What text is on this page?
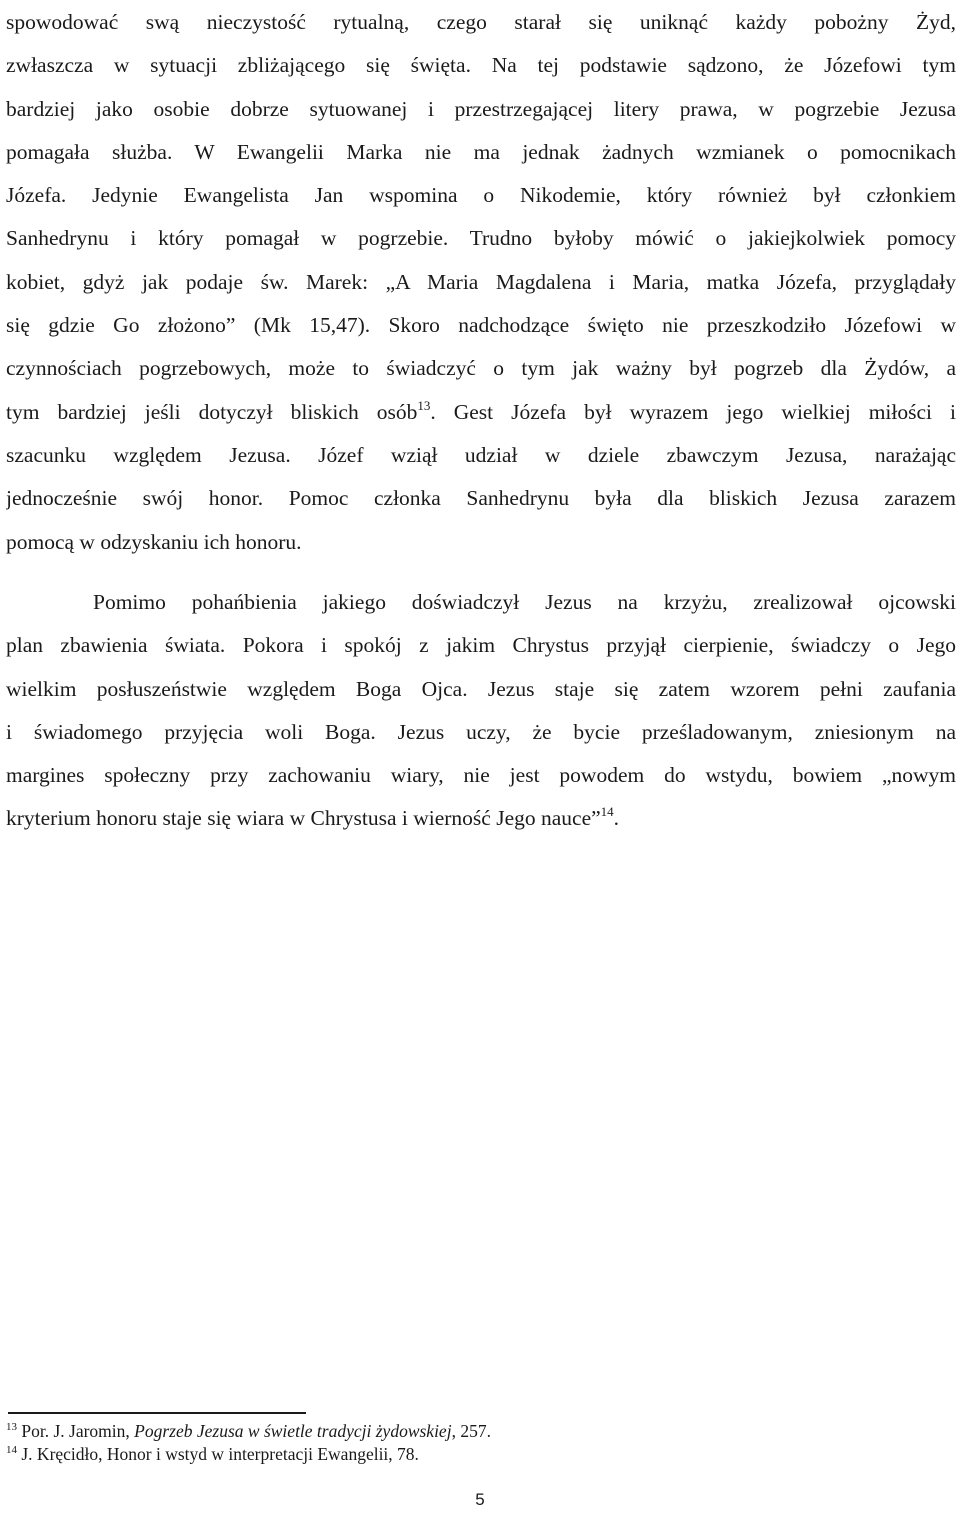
spowodować swą nieczystość rytualną, czego starał się uniknąć każdy pobożny Żyd,
zwłaszcza w sytuacji zbliżającego się święta. Na tej podstawie sądzono, że Józefowi tym
bardziej jako osobie dobrze sytuowanej i przestrzegającej litery prawa, w pogrzebie Jezusa
pomagała służba. W Ewangelii Marka nie ma jednak żadnych wzmianek o pomocnikach
Józefa. Jedynie Ewangelista Jan wspomina o Nikodemie, który również był członkiem
Sanhedrynu i który pomagał w pogrzebie. Trudno byłoby mówić o jakiejkolwiek pomocy
kobiet, gdyż jak podaje św. Marek: „A Maria Magdalena i Maria, matka Józefa, przyglądały
się gdzie Go złożono” (Mk 15,47). Skoro nadchodzące święto nie przeszkodziło Józefowi w
czynnościach pogrzebowych, może to świadczyć o tym jak ważny był pogrzeb dla Żydów, a
tym bardziej jeśli dotyczył bliskich osób$^{13}$. Gest Józefa był wyrazem jego wielkiej miłości i
szacunku względem Jezusa. Józef wziął udział w dziele zbawczym Jezusa, narażając
jednocześnie swój honor. Pomoc członka Sanhedrynu była dla bliskich Jezusa zarazem
pomocą w odzyskaniu ich honoru.
Pomimo pohańbienia jakiego doświadczył Jezus na krzyżu, zrealizował ojcowski
plan zbawienia świata. Pokora i spokój z jakim Chrystus przyjął cierpienie, świadczy o Jego
wielkim posłuszeństwie względem Boga Ojca. Jezus staje się zatem wzorem pełni zaufania
i świadomego przyjęcia woli Boga. Jezus uczy, że bycie prześladowanym, zniesionym na
margines społeczny przy zachowaniu wiary, nie jest powodem do wstydu, bowiem „nowym
kryterium honoru staje się wiara w Chrystusa i wierność Jego nauce”$^{14}$.
$^{13}$ Por. J. Jaromin, Pogrzeb Jezusa w świetle tradycji żydowskiej, 257.
$^{14}$ J. Kręcidło, Honor i wstyd w interpretacji Ewangelii, 78.
5
